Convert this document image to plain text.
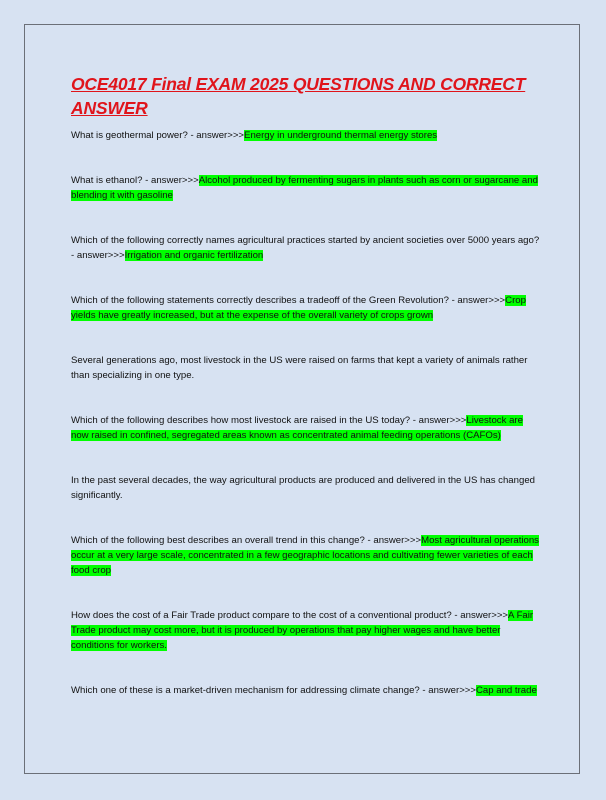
OCE4017 Final EXAM 2025 QUESTIONS AND CORRECT ANSWER

What is geothermal power? - answer>>>Energy in underground thermal energy stores

What is ethanol? - answer>>>Alcohol produced by fermenting sugars in plants such as corn or sugarcane and blending it with gasoline

Which of the following correctly names agricultural practices started by ancient societies over 5000 years ago? - answer>>>Irrigation and organic fertilization

Which of the following statements correctly describes a tradeoff of the Green Revolution? - answer>>>Crop yields have greatly increased, but at the expense of the overall variety of crops grown

Several generations ago, most livestock in the US were raised on farms that kept a variety of animals rather than specializing in one type.

Which of the following describes how most livestock are raised in the US today? - answer>>>Livestock are now raised in confined, segregated areas known as concentrated animal feeding operations (CAFOs)

In the past several decades, the way agricultural products are produced and delivered in the US has changed significantly.

Which of the following best describes an overall trend in this change? - answer>>>Most agricultural operations occur at a very large scale, concentrated in a few geographic locations and cultivating fewer varieties of each food crop

How does the cost of a Fair Trade product compare to the cost of a conventional product? - answer>>>A Fair Trade product may cost more, but it is produced by operations that pay higher wages and have better conditions for workers.

Which one of these is a market-driven mechanism for addressing climate change? - answer>>>Cap and trade
